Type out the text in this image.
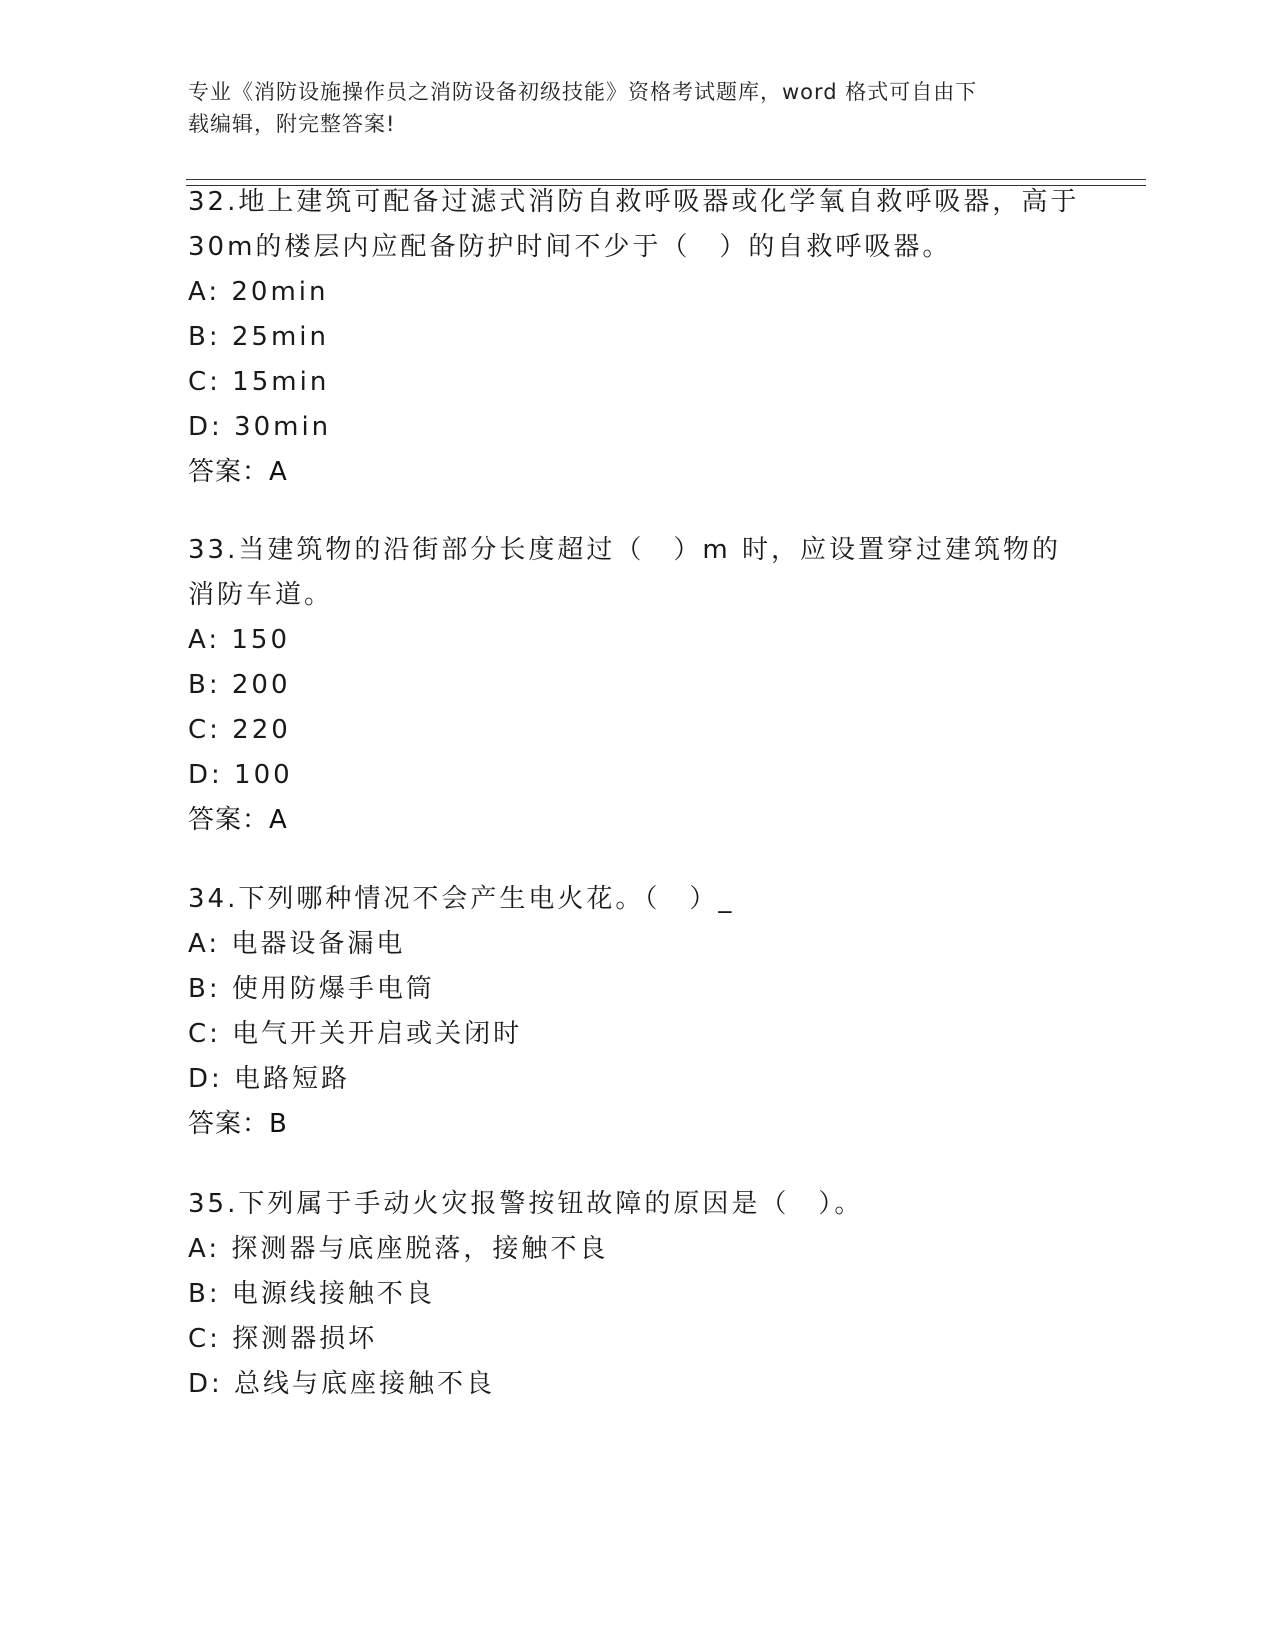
专业《消防设施操作员之消防设备初级技能》资格考试题库，word 格式可自由下
载编辑，附完整答案!

32.地上建筑可配备过滤式消防自救呼吸器或化学氧自救呼吸器，高于30m的楼层内应配备防护时间不少于（　）的自救呼吸器。

A: 20min

B: 25min

C: 15min

D: 30min

答案：A

33.当建筑物的沿街部分长度超过（　）m 时，应设置穿过建筑物的消防车道。

A: 150

B: 200

C: 220

D: 100

答案：A

34.下列哪种情况不会产生电火花。（　）_

A: 电器设备漏电

B: 使用防爆手电筒

C: 电气开关开启或关闭时

D: 电路短路

答案：B

35.下列属于手动火灾报警按钮故障的原因是（　）。

A: 探测器与底座脱落，接触不良

B: 电源线接触不良

C: 探测器损坏

D: 总线与底座接触不良
